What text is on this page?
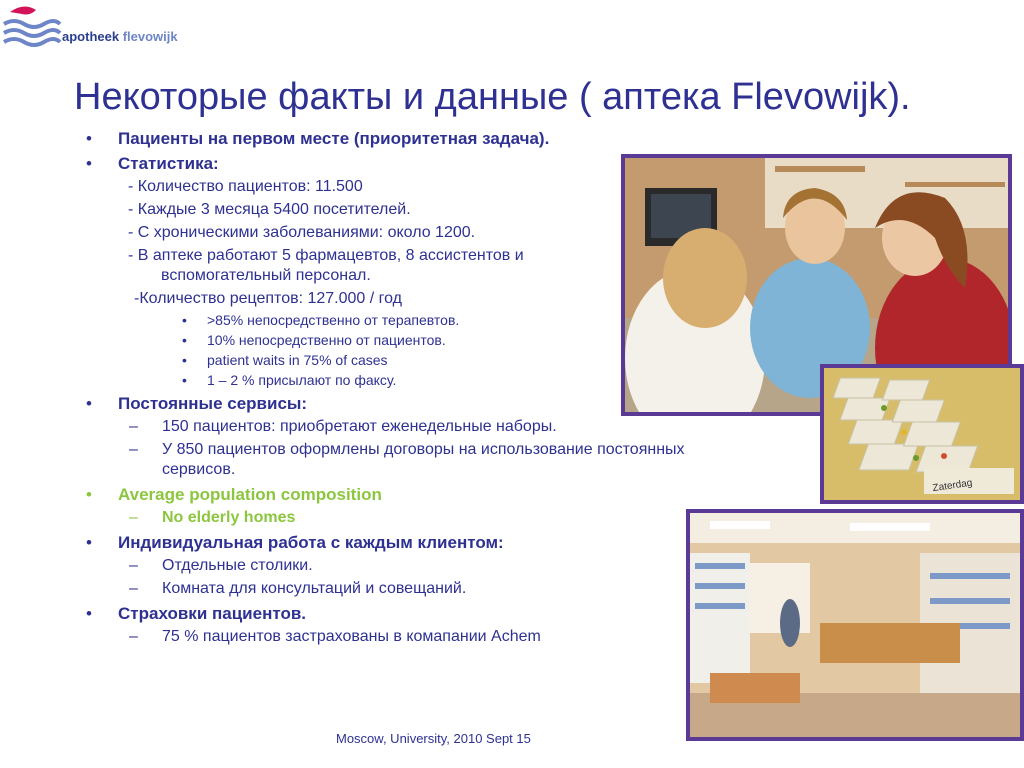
apotheek flevowijk
Некоторые факты и данные ( аптека Flevowijk).
•	Пациенты на первом месте (приоритетная задача).
•	Статистика:
- Количество пациентов: 11.500
- Каждые 3 месяца 5400 посетителей.
- С хроническими заболеваниями: около 1200.
- В аптеке работают 5 фармацевтов, 8 ассистентов и
вспомогательный персонал.
-Количество рецептов: 127.000 / год
•	>85% непосредственно от терапевтов.
•	10% непосредственно от пациентов.
•	patient waits in 75% of cases
•	1 – 2 % присылают по факсу.
•	Постоянные сервисы:
–	150 пациентов: приобретают еженедельные наборы.
–	У 850 пациентов оформлены договоры на использование постоянных сервисов.
•	Average population composition
–	No elderly homes
•	Индивидуальная работа с каждым клиентом:
–	Отдельные столики.
–	Комната для консультаций и совещаний.
•	Страховки пациентов.
–	75 % пациентов застрахованы в комапании Achem
Zaterdag
Moscow, University, 2010 Sept 15
